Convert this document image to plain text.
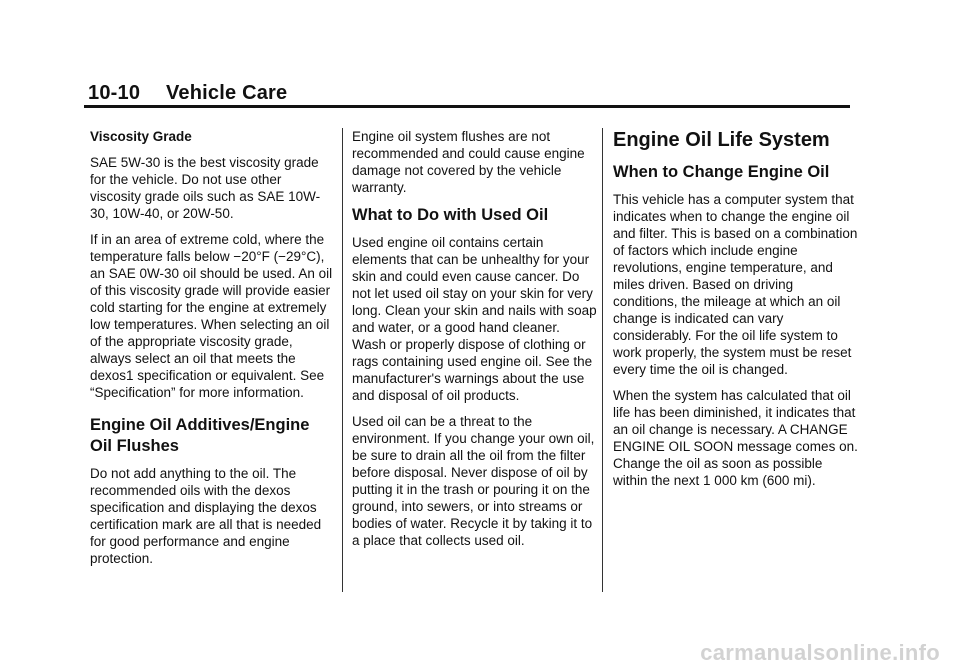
10-10 Vehicle Care
Viscosity Grade

SAE 5W-30 is the best viscosity grade for the vehicle. Do not use other viscosity grade oils such as SAE 10W-30, 10W-40, or 20W-50.

If in an area of extreme cold, where the temperature falls below −20°F (−29°C), an SAE 0W-30 oil should be used. An oil of this viscosity grade will provide easier cold starting for the engine at extremely low temperatures. When selecting an oil of the appropriate viscosity grade, always select an oil that meets the dexos1 specification or equivalent. See “Specification” for more information.

Engine Oil Additives/Engine Oil Flushes

Do not add anything to the oil. The recommended oils with the dexos specification and displaying the dexos certification mark are all that is needed for good performance and engine protection.

Engine oil system flushes are not recommended and could cause engine damage not covered by the vehicle warranty.

What to Do with Used Oil

Used engine oil contains certain elements that can be unhealthy for your skin and could even cause cancer. Do not let used oil stay on your skin for very long. Clean your skin and nails with soap and water, or a good hand cleaner. Wash or properly dispose of clothing or rags containing used engine oil. See the manufacturer's warnings about the use and disposal of oil products.

Used oil can be a threat to the environment. If you change your own oil, be sure to drain all the oil from the filter before disposal. Never dispose of oil by putting it in the trash or pouring it on the ground, into sewers, or into streams or bodies of water. Recycle it by taking it to a place that collects used oil.

Engine Oil Life System
When to Change Engine Oil

This vehicle has a computer system that indicates when to change the engine oil and filter. This is based on a combination of factors which include engine revolutions, engine temperature, and miles driven. Based on driving conditions, the mileage at which an oil change is indicated can vary considerably. For the oil life system to work properly, the system must be reset every time the oil is changed.

When the system has calculated that oil life has been diminished, it indicates that an oil change is necessary. A CHANGE ENGINE OIL SOON message comes on. Change the oil as soon as possible within the next 1 000 km (600 mi).

carmanualsonline.info
